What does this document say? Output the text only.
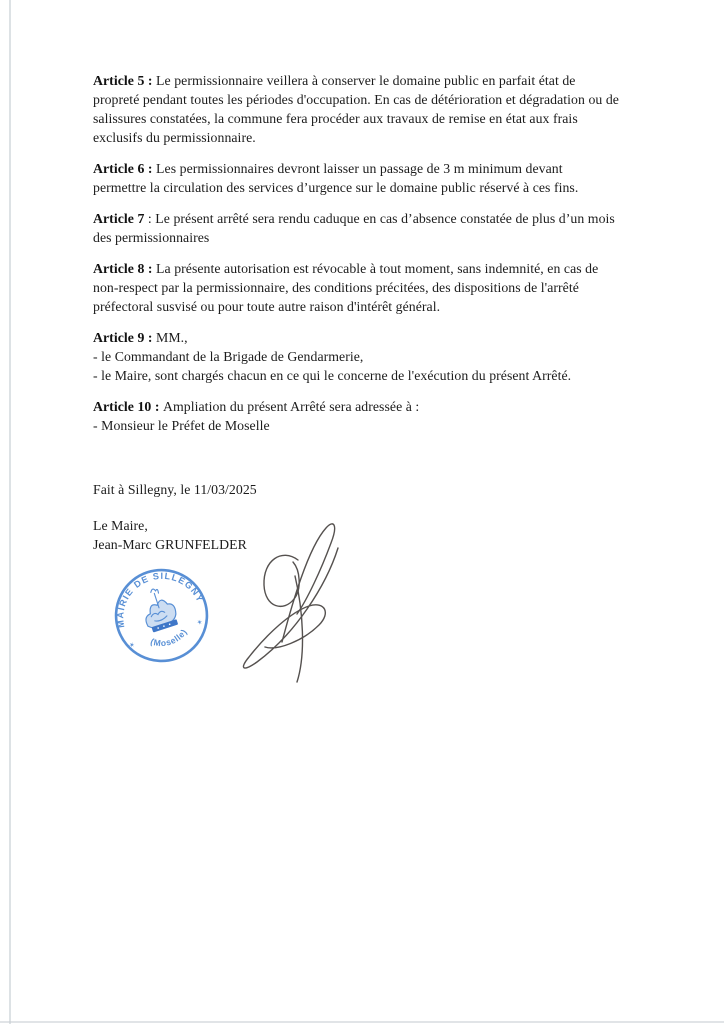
Article 5 : Le permissionnaire veillera à conserver le domaine public en parfait état de
propreté pendant toutes les périodes d'occupation. En cas de détérioration et dégradation ou de
salissures constatées, la commune fera procéder aux travaux de remise en état aux frais
exclusifs du permissionnaire.

Article 6 : Les permissionnaires devront laisser un passage de 3 m minimum devant
permettre la circulation des services d’urgence sur le domaine public réservé à ces fins.

Article 7 : Le présent arrêté sera rendu caduque en cas d’absence constatée de plus d’un mois
des permissionnaires

Article 8 : La présente autorisation est révocable à tout moment, sans indemnité, en cas de
non-respect par la permissionnaire, des conditions précitées, des dispositions de l'arrêté
préfectoral susvisé ou pour toute autre raison d'intérêt général.

Article 9 : MM.,
- le Commandant de la Brigade de Gendarmerie,
- le Maire, sont chargés chacun en ce qui le concerne de l'exécution du présent Arrêté.

Article 10 : Ampliation du présent Arrêté sera adressée à :
- Monsieur le Préfet de Moselle

Fait à Sillegny, le 11/03/2025

Le Maire,
Jean-Marc GRUNFELDER

MAIRIE DE SILLEGNY
(Moselle)
✶
✶
